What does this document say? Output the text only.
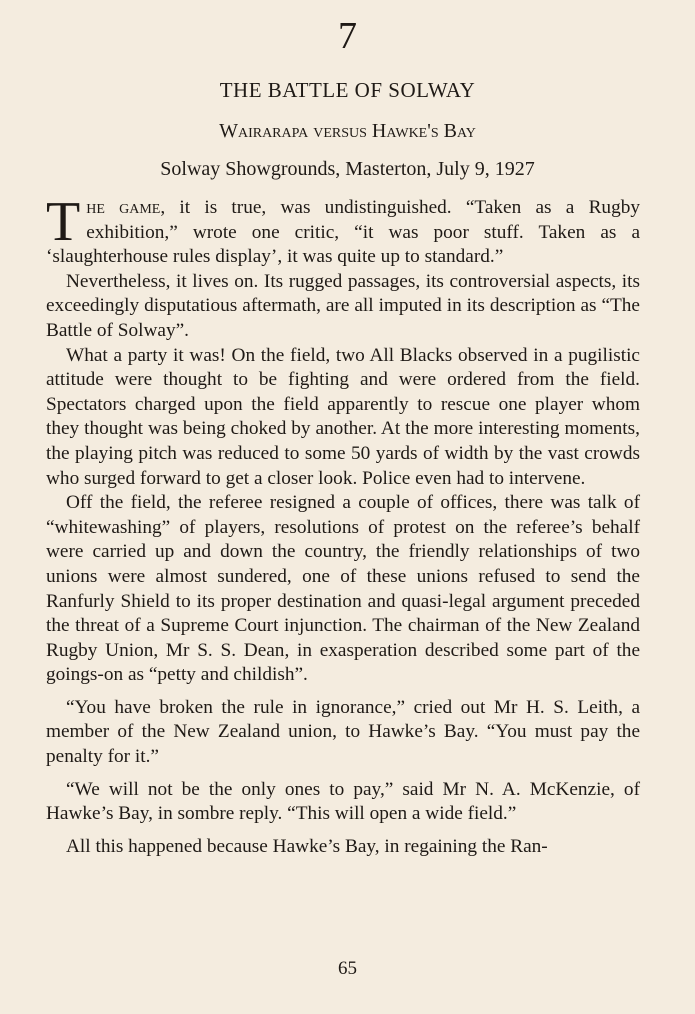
7
THE BATTLE OF SOLWAY
Wairarapa versus Hawke's Bay
Solway Showgrounds, Masterton, July 9, 1927

The game, it is true, was undistinguished. “Taken as a Rugby exhibition,” wrote one critic, “it was poor stuff. Taken as a ‘slaughterhouse rules display’, it was quite up to standard.”

Nevertheless, it lives on. Its rugged passages, its controversial aspects, its exceedingly disputatious aftermath, are all imputed in its description as “The Battle of Solway”.

What a party it was! On the field, two All Blacks observed in a pugilistic attitude were thought to be fighting and were ordered from the field. Spectators charged upon the field apparently to rescue one player whom they thought was being choked by another. At the more interesting moments, the playing pitch was reduced to some 50 yards of width by the vast crowds who surged forward to get a closer look. Police even had to intervene.

Off the field, the referee resigned a couple of offices, there was talk of “whitewashing” of players, resolutions of protest on the referee’s behalf were carried up and down the country, the friendly relationships of two unions were almost sundered, one of these unions refused to send the Ranfurly Shield to its proper destination and quasi-legal argument preceded the threat of a Supreme Court injunction. The chairman of the New Zealand Rugby Union, Mr S. S. Dean, in exasperation described some part of the goings-on as “petty and childish”.

“You have broken the rule in ignorance,” cried out Mr H. S. Leith, a member of the New Zealand union, to Hawke’s Bay. “You must pay the penalty for it.”

“We will not be the only ones to pay,” said Mr N. A. McKenzie, of Hawke’s Bay, in sombre reply. “This will open a wide field.”

All this happened because Hawke’s Bay, in regaining the Ran-

65
